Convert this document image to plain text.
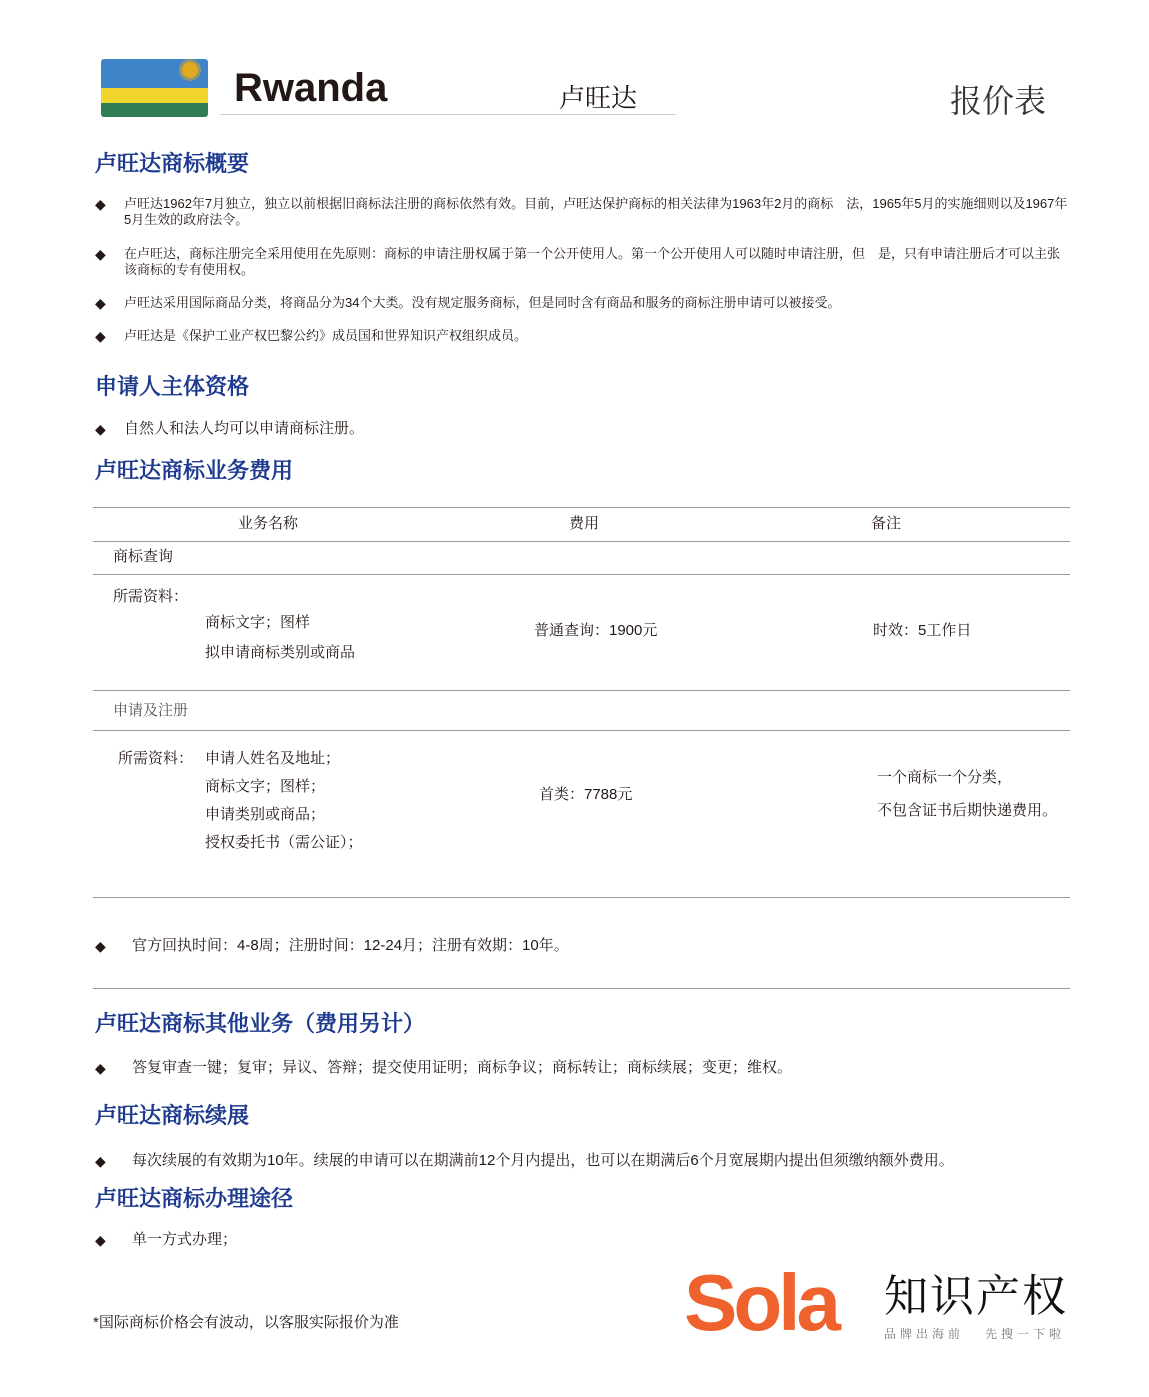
Rwanda	卢旺达	报价表
卢旺达商标概要
◆ 卢旺达1962年7月独立，独立以前根据旧商标法注册的商标依然有效。目前，卢旺达保护商标的相关法律为1963年2月的商标　法，1965年5月的实施细则以及1967年5月生效的政府法令。
◆ 在卢旺达，商标注册完全采用使用在先原则：商标的申请注册权属于第一个公开使用人。第一个公开使用人可以随时申请注册，但　是，只有申请注册后才可以主张该商标的专有使用权。
◆ 卢旺达采用国际商品分类，将商品分为34个大类。没有规定服务商标，但是同时含有商品和服务的商标注册申请可以被接受。
◆ 卢旺达是《保护工业产权巴黎公约》成员国和世界知识产权组织成员。
申请人主体资格
◆ 自然人和法人均可以申请商标注册。
卢旺达商标业务费用
业务名称	费用	备注
商标查询
所需资料：
商标文字；图样
拟申请商标类别或商品
普通查询：1900元	时效：5工作日
申请及注册
所需资料： 申请人姓名及地址；
商标文字；图样；
申请类别或商品；
授权委托书（需公证）；
首类：7788元
一个商标一个分类，
不包含证书后期快递费用。
◆ 官方回执时间：4-8周；注册时间：12-24月；注册有效期：10年。
卢旺达商标其他业务（费用另计）
◆ 答复审查一键；复审；异议、答辩；提交使用证明；商标争议；商标转让；商标续展；变更；维权。
卢旺达商标续展
◆ 每次续展的有效期为10年。续展的申请可以在期满前12个月内提出，也可以在期满后6个月宽展期内提出但须缴纳额外费用。
卢旺达商标办理途径
◆ 单一方式办理；
*国际商标价格会有波动，以客服实际报价为准	Sola 知识产权
品牌出海前 先搜一下啦
